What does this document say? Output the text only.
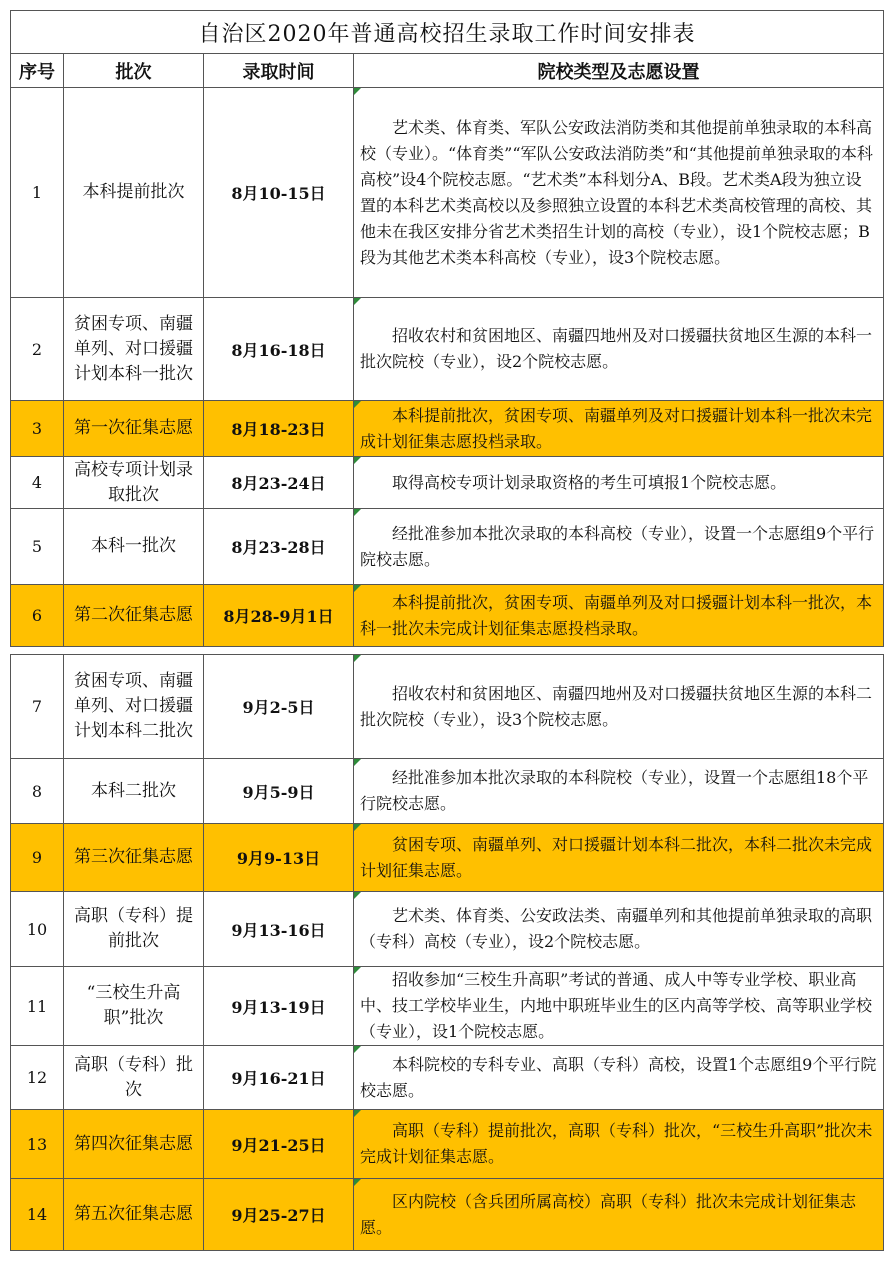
自治区2020年普通高校招生录取工作时间安排表			
序号	批次	录取时间	院校类型及志愿设置
1	本科提前批次	8月10-15日	艺术类、体育类、军队公安政法消防类和其他提前单独录取的本科高校（专业）。“体育类”“军队公安政法消防类”和“其他提前单独录取的本科高校”设4个院校志愿。“艺术类”本科划分A、B段。艺术类A段为独立设置的本科艺术类高校以及参照独立设置的本科艺术类高校管理的高校、其他未在我区安排分省艺术类招生计划的高校（专业），设1个院校志愿；B段为其他艺术类本科高校（专业），设3个院校志愿。
2	贫困专项、南疆单列、对口援疆计划本科一批次	8月16-18日	招收农村和贫困地区、南疆四地州及对口援疆扶贫地区生源的本科一批次院校（专业），设2个院校志愿。
3	第一次征集志愿	8月18-23日	本科提前批次，贫困专项、南疆单列及对口援疆计划本科一批次未完成计划征集志愿投档录取。
4	高校专项计划录取批次	8月23-24日	取得高校专项计划录取资格的考生可填报1个院校志愿。
5	本科一批次	8月23-28日	经批准参加本批次录取的本科高校（专业），设置一个志愿组9个平行院校志愿。
6	第二次征集志愿	8月28-9月1日	本科提前批次，贫困专项、南疆单列及对口援疆计划本科一批次，本科一批次未完成计划征集志愿投档录取。

7	贫困专项、南疆单列、对口援疆计划本科二批次	9月2-5日	招收农村和贫困地区、南疆四地州及对口援疆扶贫地区生源的本科二批次院校（专业），设3个院校志愿。
8	本科二批次	9月5-9日	经批准参加本批次录取的本科院校（专业），设置一个志愿组18个平行院校志愿。
9	第三次征集志愿	9月9-13日	贫困专项、南疆单列、对口援疆计划本科二批次，本科二批次未完成计划征集志愿。
10	高职（专科）提前批次	9月13-16日	艺术类、体育类、公安政法类、南疆单列和其他提前单独录取的高职（专科）高校（专业），设2个院校志愿。
11	“三校生升高职”批次	9月13-19日	招收参加“三校生升高职”考试的普通、成人中等专业学校、职业高中、技工学校毕业生，内地中职班毕业生的区内高等学校、高等职业学校（专业），设1个院校志愿。
12	高职（专科）批次	9月16-21日	本科院校的专科专业、高职（专科）高校，设置1个志愿组9个平行院校志愿。
13	第四次征集志愿	9月21-25日	高职（专科）提前批次，高职（专科）批次，“三校生升高职”批次未完成计划征集志愿。
14	第五次征集志愿	9月25-27日	区内院校（含兵团所属高校）高职（专科）批次未完成计划征集志愿。
